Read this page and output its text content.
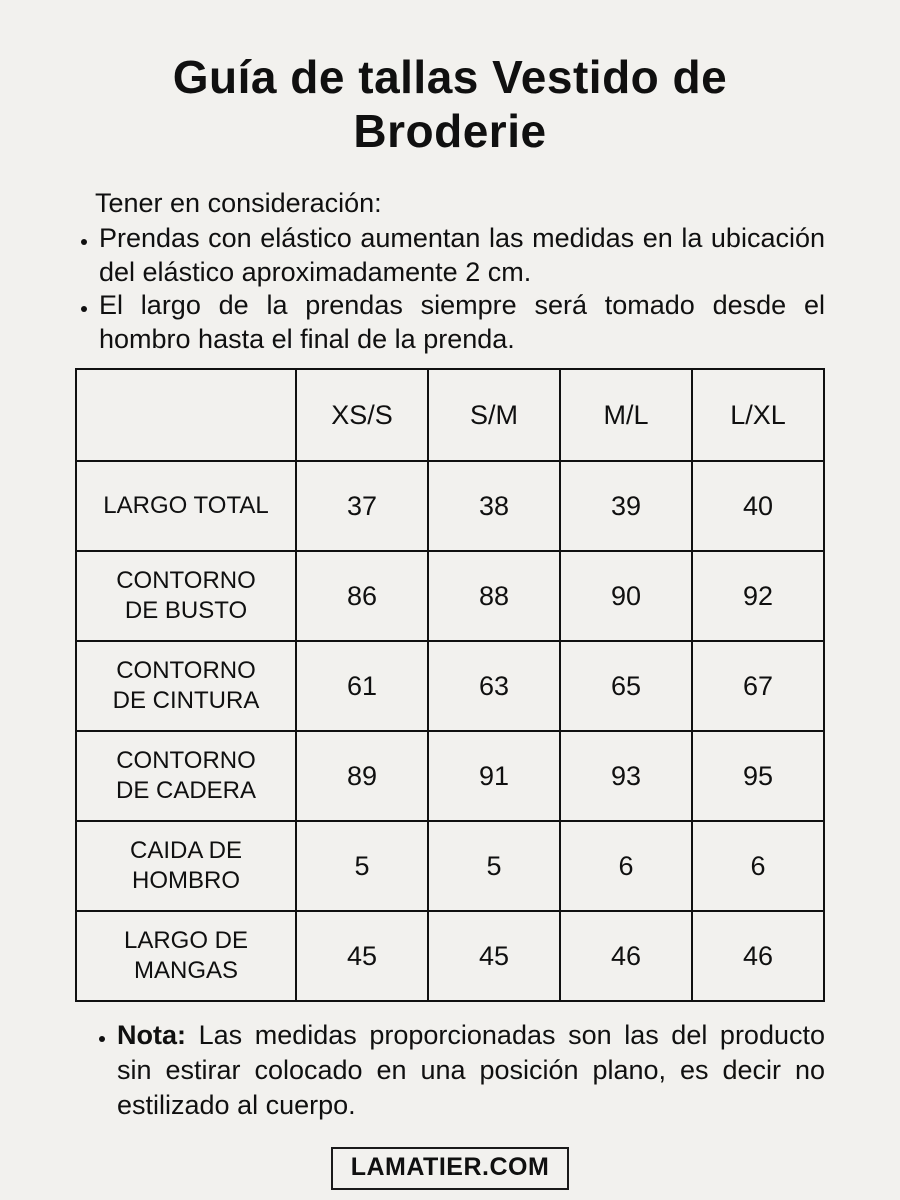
Guía de tallas Vestido de Broderie

Tener en consideración:

• Prendas con elástico aumentan las medidas en la ubicación del elástico aproximadamente 2 cm.
• El largo de la prendas siempre será tomado desde el hombro hasta el final de la prenda.
	XS/S	S/M	M/L	L/XL
LARGO TOTAL	37	38	39	40
CONTORNO DE BUSTO	86	88	90	92
CONTORNO DE CINTURA	61	63	65	67
CONTORNO DE CADERA	89	91	93	95
CAIDA DE HOMBRO	5	5	6	6
LARGO DE MANGAS	45	45	46	46
• Nota: Las medidas proporcionadas son las del producto sin estirar colocado en una posición plano, es decir no estilizado al cuerpo.
LAMATIER.COM
